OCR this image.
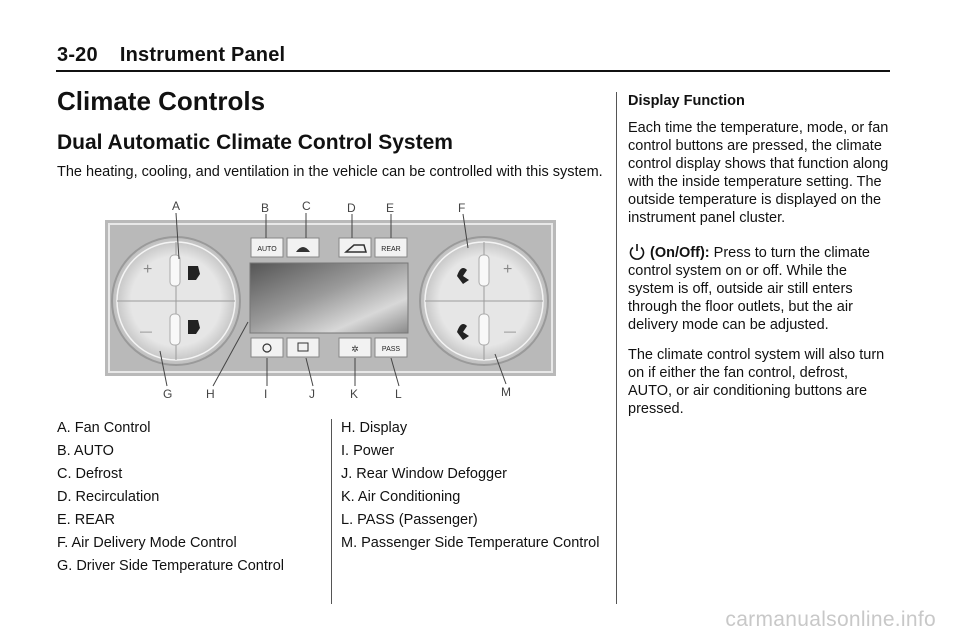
3-20 Instrument Panel
Climate Controls
Dual Automatic Climate Control System
The heating, cooling, and ventilation in the vehicle can be controlled with this system.
+
—
+
—
AUTO	REAR
✲	PASS
A	B	C	D	E	F
G	H	I	J	K	L	M
A. Fan Control
B. AUTO
C. Defrost
D. Recirculation
E. REAR
F. Air Delivery Mode Control
G. Driver Side Temperature Control
H. Display
I. Power
J. Rear Window Defogger
K. Air Conditioning
L. PASS (Passenger)
M. Passenger Side Temperature Control

Display Function

Each time the temperature, mode, or fan control buttons are pressed, the climate control display shows that function along with the inside temperature setting. The outside temperature is displayed on the instrument panel cluster.

(On/Off): Press to turn the climate control system on or off. While the system is off, outside air still enters through the floor outlets, but the air delivery mode can be adjusted.

The climate control system will also turn on if either the fan control, defrost, AUTO, or air conditioning buttons are pressed.

carmanualsonline.info
